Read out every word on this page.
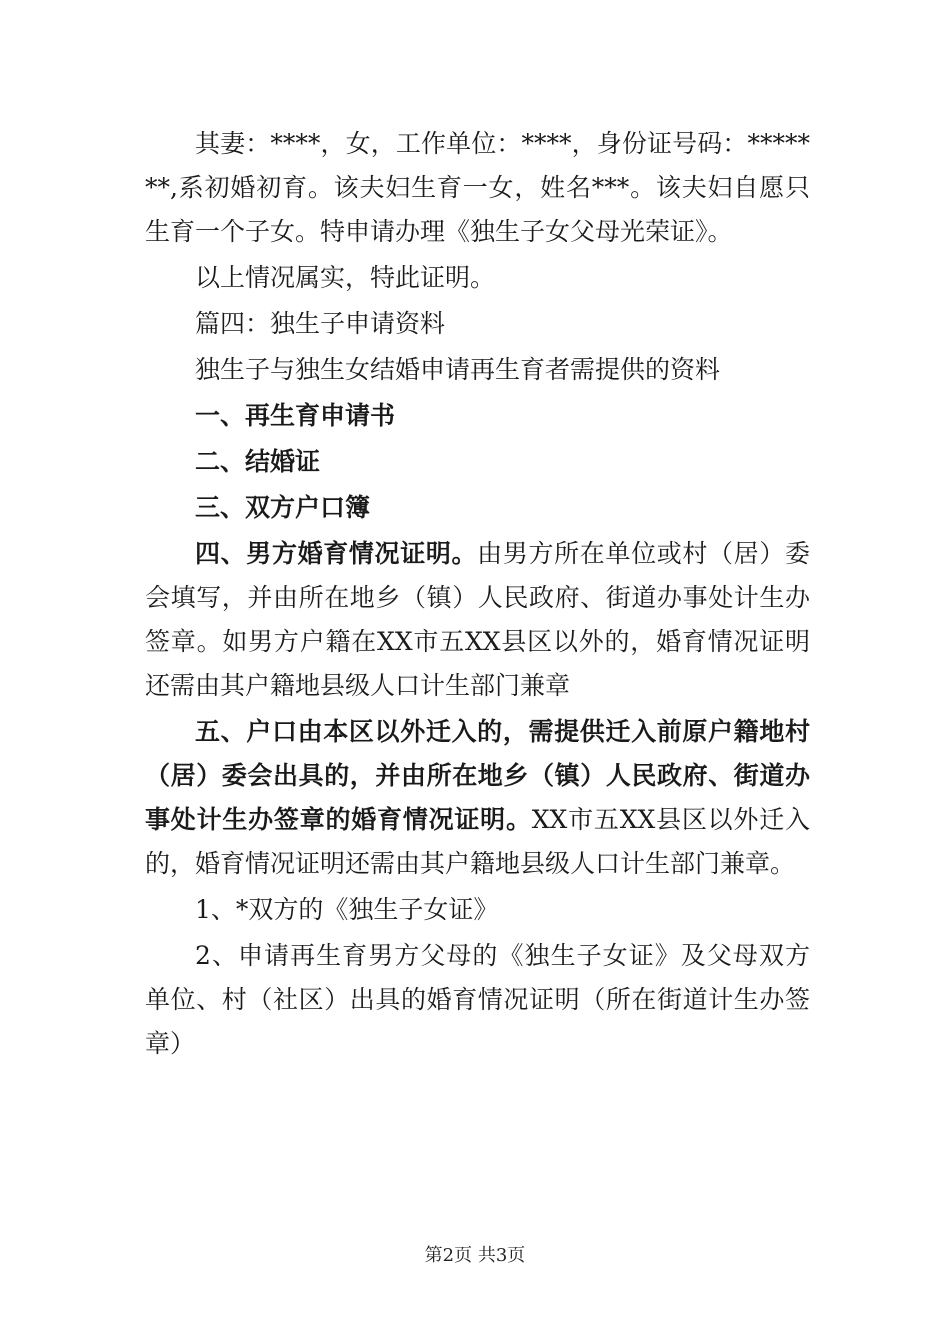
其妻：****，女，工作单位：****，身份证号码：*******,系初婚初育。该夫妇生育一女，姓名***。该夫妇自愿只生育一个子女。特申请办理《独生子女父母光荣证》。

以上情况属实，特此证明。

篇四：独生子申请资料

独生子与独生女结婚申请再生育者需提供的资料

一、再生育申请书

二、结婚证

三、双方户口簿

四、男方婚育情况证明。由男方所在单位或村（居）委会填写，并由所在地乡（镇）人民政府、街道办事处计生办签章。如男方户籍在XX市五XX县区以外的，婚育情况证明还需由其户籍地县级人口计生部门兼章

五、户口由本区以外迁入的，需提供迁入前原户籍地村（居）委会出具的，并由所在地乡（镇）人民政府、街道办事处计生办签章的婚育情况证明。XX市五XX县区以外迁入的，婚育情况证明还需由其户籍地县级人口计生部门兼章。

1、*双方的《独生子女证》

2、申请再生育男方父母的《独生子女证》及父母双方单位、村（社区）出具的婚育情况证明（所在街道计生办签章）

第2页 共3页
